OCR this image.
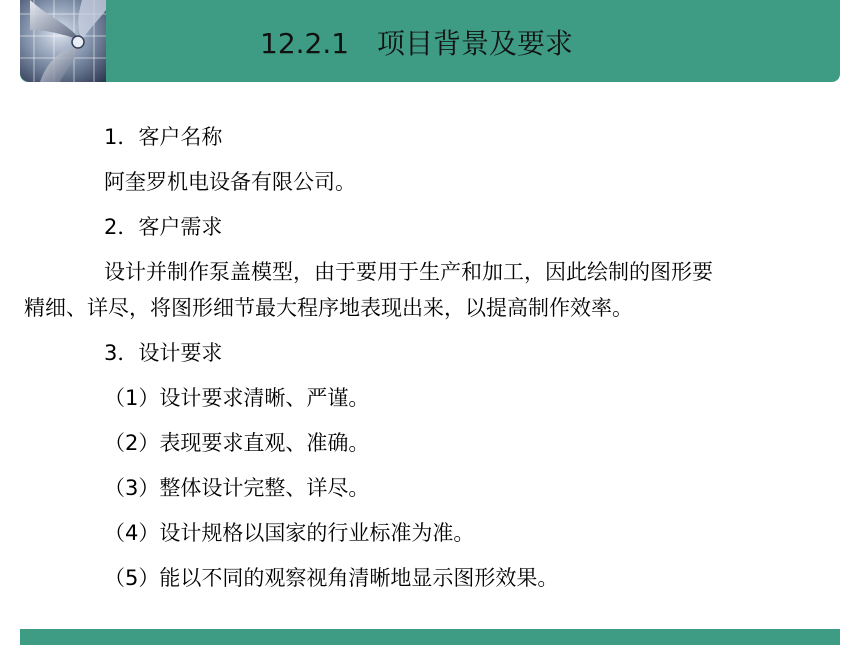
12.2.1　项目背景及要求
1．客户名称
阿奎罗机电设备有限公司。
2．客户需求
设计并制作泵盖模型，由于要用于生产和加工，因此绘制的图形要
精细、详尽，将图形细节最大程序地表现出来，以提高制作效率。
3．设计要求
（1）设计要求清晰、严谨。
（2）表现要求直观、准确。
（3）整体设计完整、详尽。
（4）设计规格以国家的行业标准为准。
（5）能以不同的观察视角清晰地显示图形效果。
